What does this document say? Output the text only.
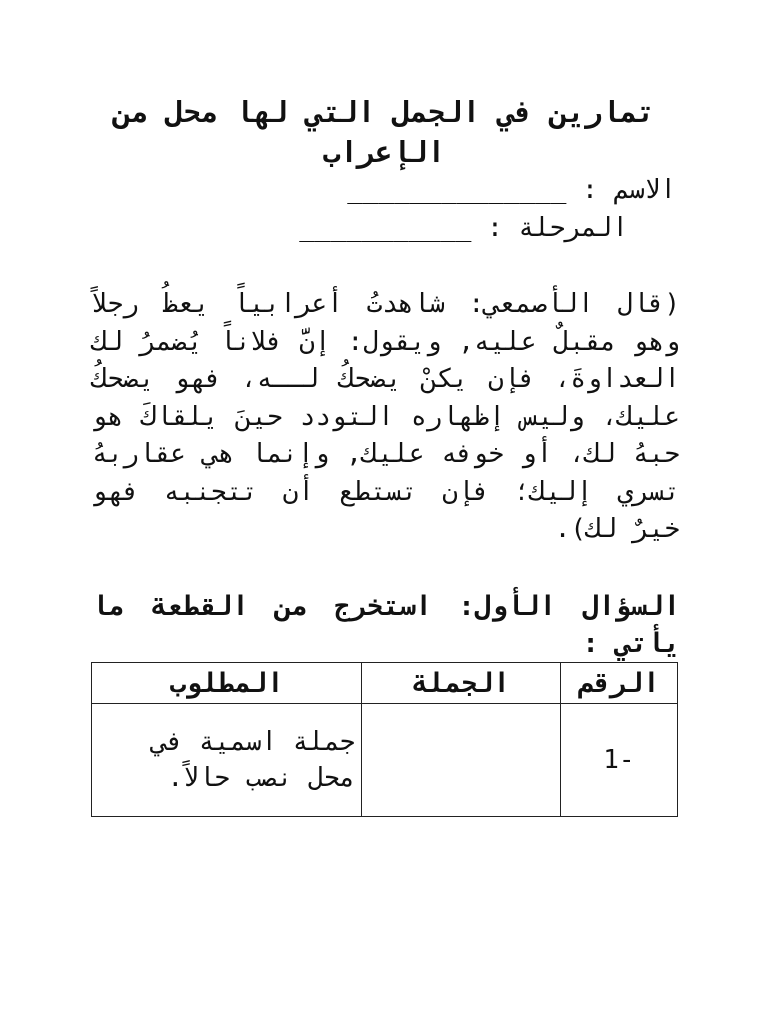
تمارين في الجمل التي لها محل من الإعراب
الاسم : ______________
المرحلة : ___________
(قال الأصمعي: شاهدتُ أعرابياً يعظُ رجلاً وهو مقبلٌ عليه, ويقول: إنَّ فلاناً يُضمرُ لك العداوةَ، فإن يكنْ يضحكُ لــه، فهو يضحكُ عليك، وليس إظهاره التودد حينَ يلقاكَ هو حبهُ لك، أو خوفه عليك, وإنما هي عقاربهُ تسري إليك؛ فإن تستطع أن تتجنبه فهو خيرٌ لك).
السؤال الأول: استخرج من القطعة ما يأتي :
الرقم	الجملة	المطلوب
-1		جملة اسمية في محل نصب حالاً.
